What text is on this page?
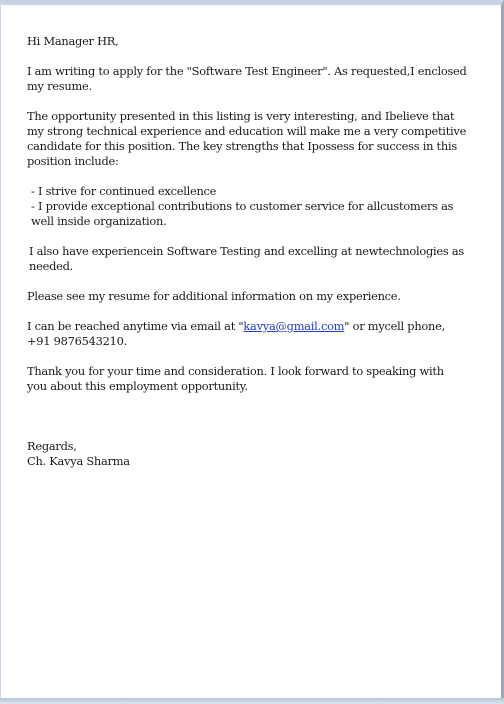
Hi Manager HR,

I am writing to apply for the "Software Test Engineer". As requested,I enclosed my resume.

The opportunity presented in this listing is very interesting, and Ibelieve that my strong technical experience and education will make me a very competitive candidate for this position. The key strengths that Ipossess for success in this position include:

- I strive for continued excellence
- I provide exceptional contributions to customer service for allcustomers as well inside organization.

I also have experiencein Software Testing and excelling at newtechnologies as needed.

Please see my resume for additional information on my experience.

I can be reached anytime via email at "kavya@gmail.com" or mycell phone, +91 9876543210.

Thank you for your time and consideration. I look forward to speaking with you about this employment opportunity.

Regards,

Ch. Kavya Sharma
